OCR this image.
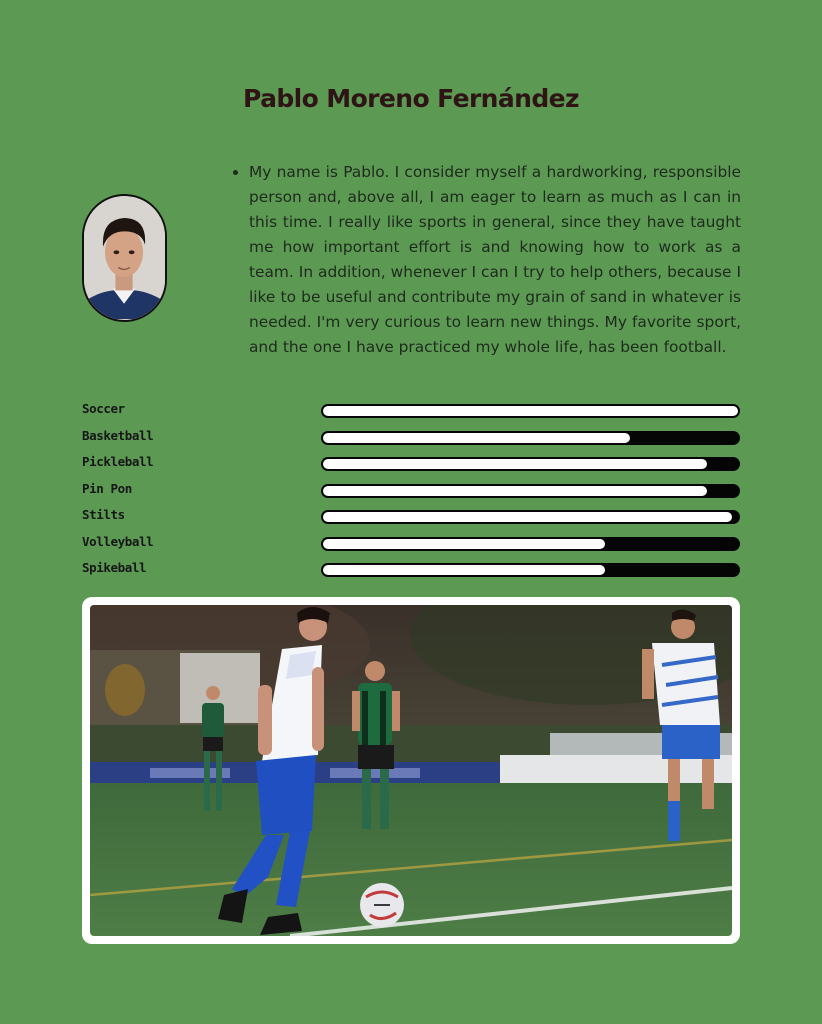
Pablo Moreno Fernández
• My name is Pablo. I consider myself a hardworking, responsible person and, above all, I am eager to learn as much as I can in this time. I really like sports in general, since they have taught me how important effort is and knowing how to work as a team. In addition, whenever I can I try to help others, because I like to be useful and contribute my grain of sand in whatever is needed. I'm very curious to learn new things. My favorite sport, and the one I have practiced my whole life, has been football.
Soccer
Basketball
Pickleball
Pin Pon
Stilts
Volleyball
Spikeball
